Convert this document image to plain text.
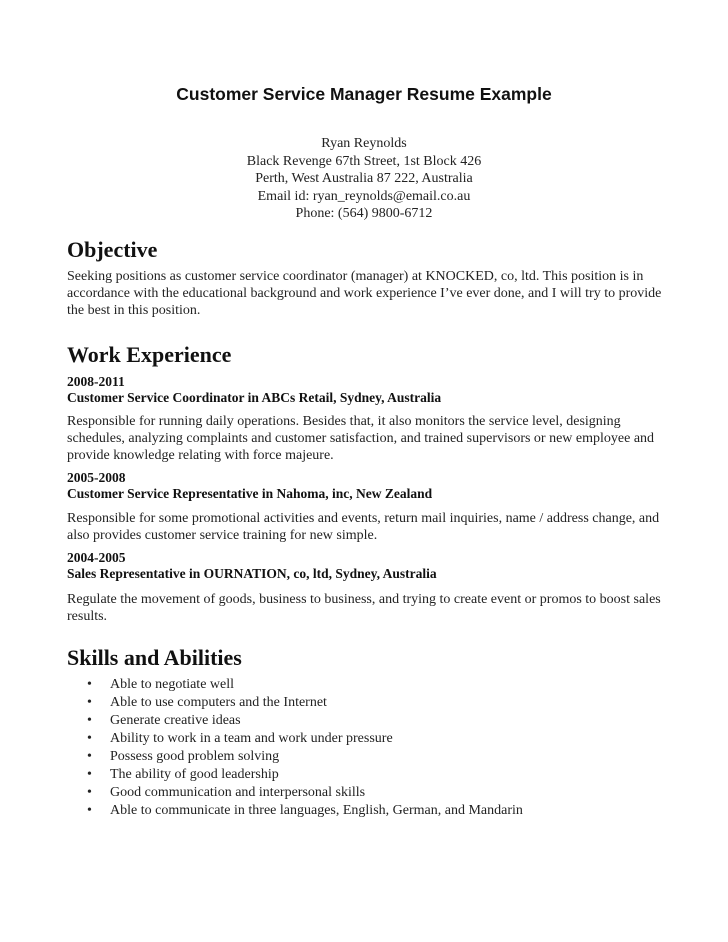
Customer Service Manager Resume Example
Ryan Reynolds
Black Revenge 67th Street, 1st Block 426
Perth, West Australia 87 222, Australia
Email id: ryan_reynolds@email.co.au
Phone: (564) 9800-6712
Objective

Seeking positions as customer service coordinator (manager) at KNOCKED, co, ltd. This position is in accordance with the educational background and work experience I’ve ever done, and I will try to provide the best in this position.

Work Experience
2008-2011
Customer Service Coordinator in ABCs Retail, Sydney, Australia

Responsible for running daily operations. Besides that, it also monitors the service level, designing schedules, analyzing complaints and customer satisfaction, and trained supervisors or new employee and provide knowledge relating with force majeure.

2005-2008
Customer Service Representative in Nahoma, inc, New Zealand

Responsible for some promotional activities and events, return mail inquiries, name / address change, and also provides customer service training for new simple.

2004-2005
Sales Representative in OURNATION, co, ltd, Sydney, Australia

Regulate the movement of goods, business to business, and trying to create event or promos to boost sales results.

Skills and Abilities
• Able to negotiate well
• Able to use computers and the Internet
• Generate creative ideas
• Ability to work in a team and work under pressure
• Possess good problem solving
• The ability of good leadership
• Good communication and interpersonal skills
• Able to communicate in three languages, English, German, and Mandarin
